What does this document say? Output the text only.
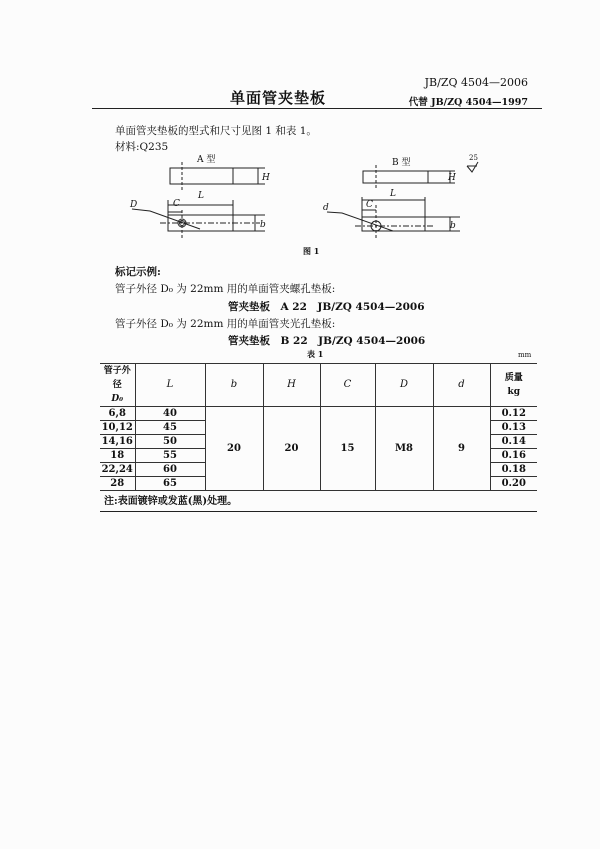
JB/ZQ 4504—2006
代替 JB/ZQ 4504—1997
单面管夹垫板
单面管夹垫板的型式和尺寸见图 1 和表 1。
材料:Q235
A 型
H
L
C
b
D
B 型
H
L
C
b
d
25
图 1
标记示例:
管子外径 D₀ 为 22mm 用的单面管夹螺孔垫板:
管夹垫板　A 22　JB/ZQ 4504—2006
管子外径 D₀ 为 22mm 用的单面管夹光孔垫板:
管夹垫板　B 22　JB/ZQ 4504—2006
表 1	mm
管子外径
D₀	L	b	H	C	D	d	质量
kg
6,8	40	20	20	15	M8	9	0.12
10,12	45	0.13
14,16	50	0.14
18	55	0.16
22,24	60	0.18
28	65	0.20
注:表面镀锌或发蓝(黑)处理。
